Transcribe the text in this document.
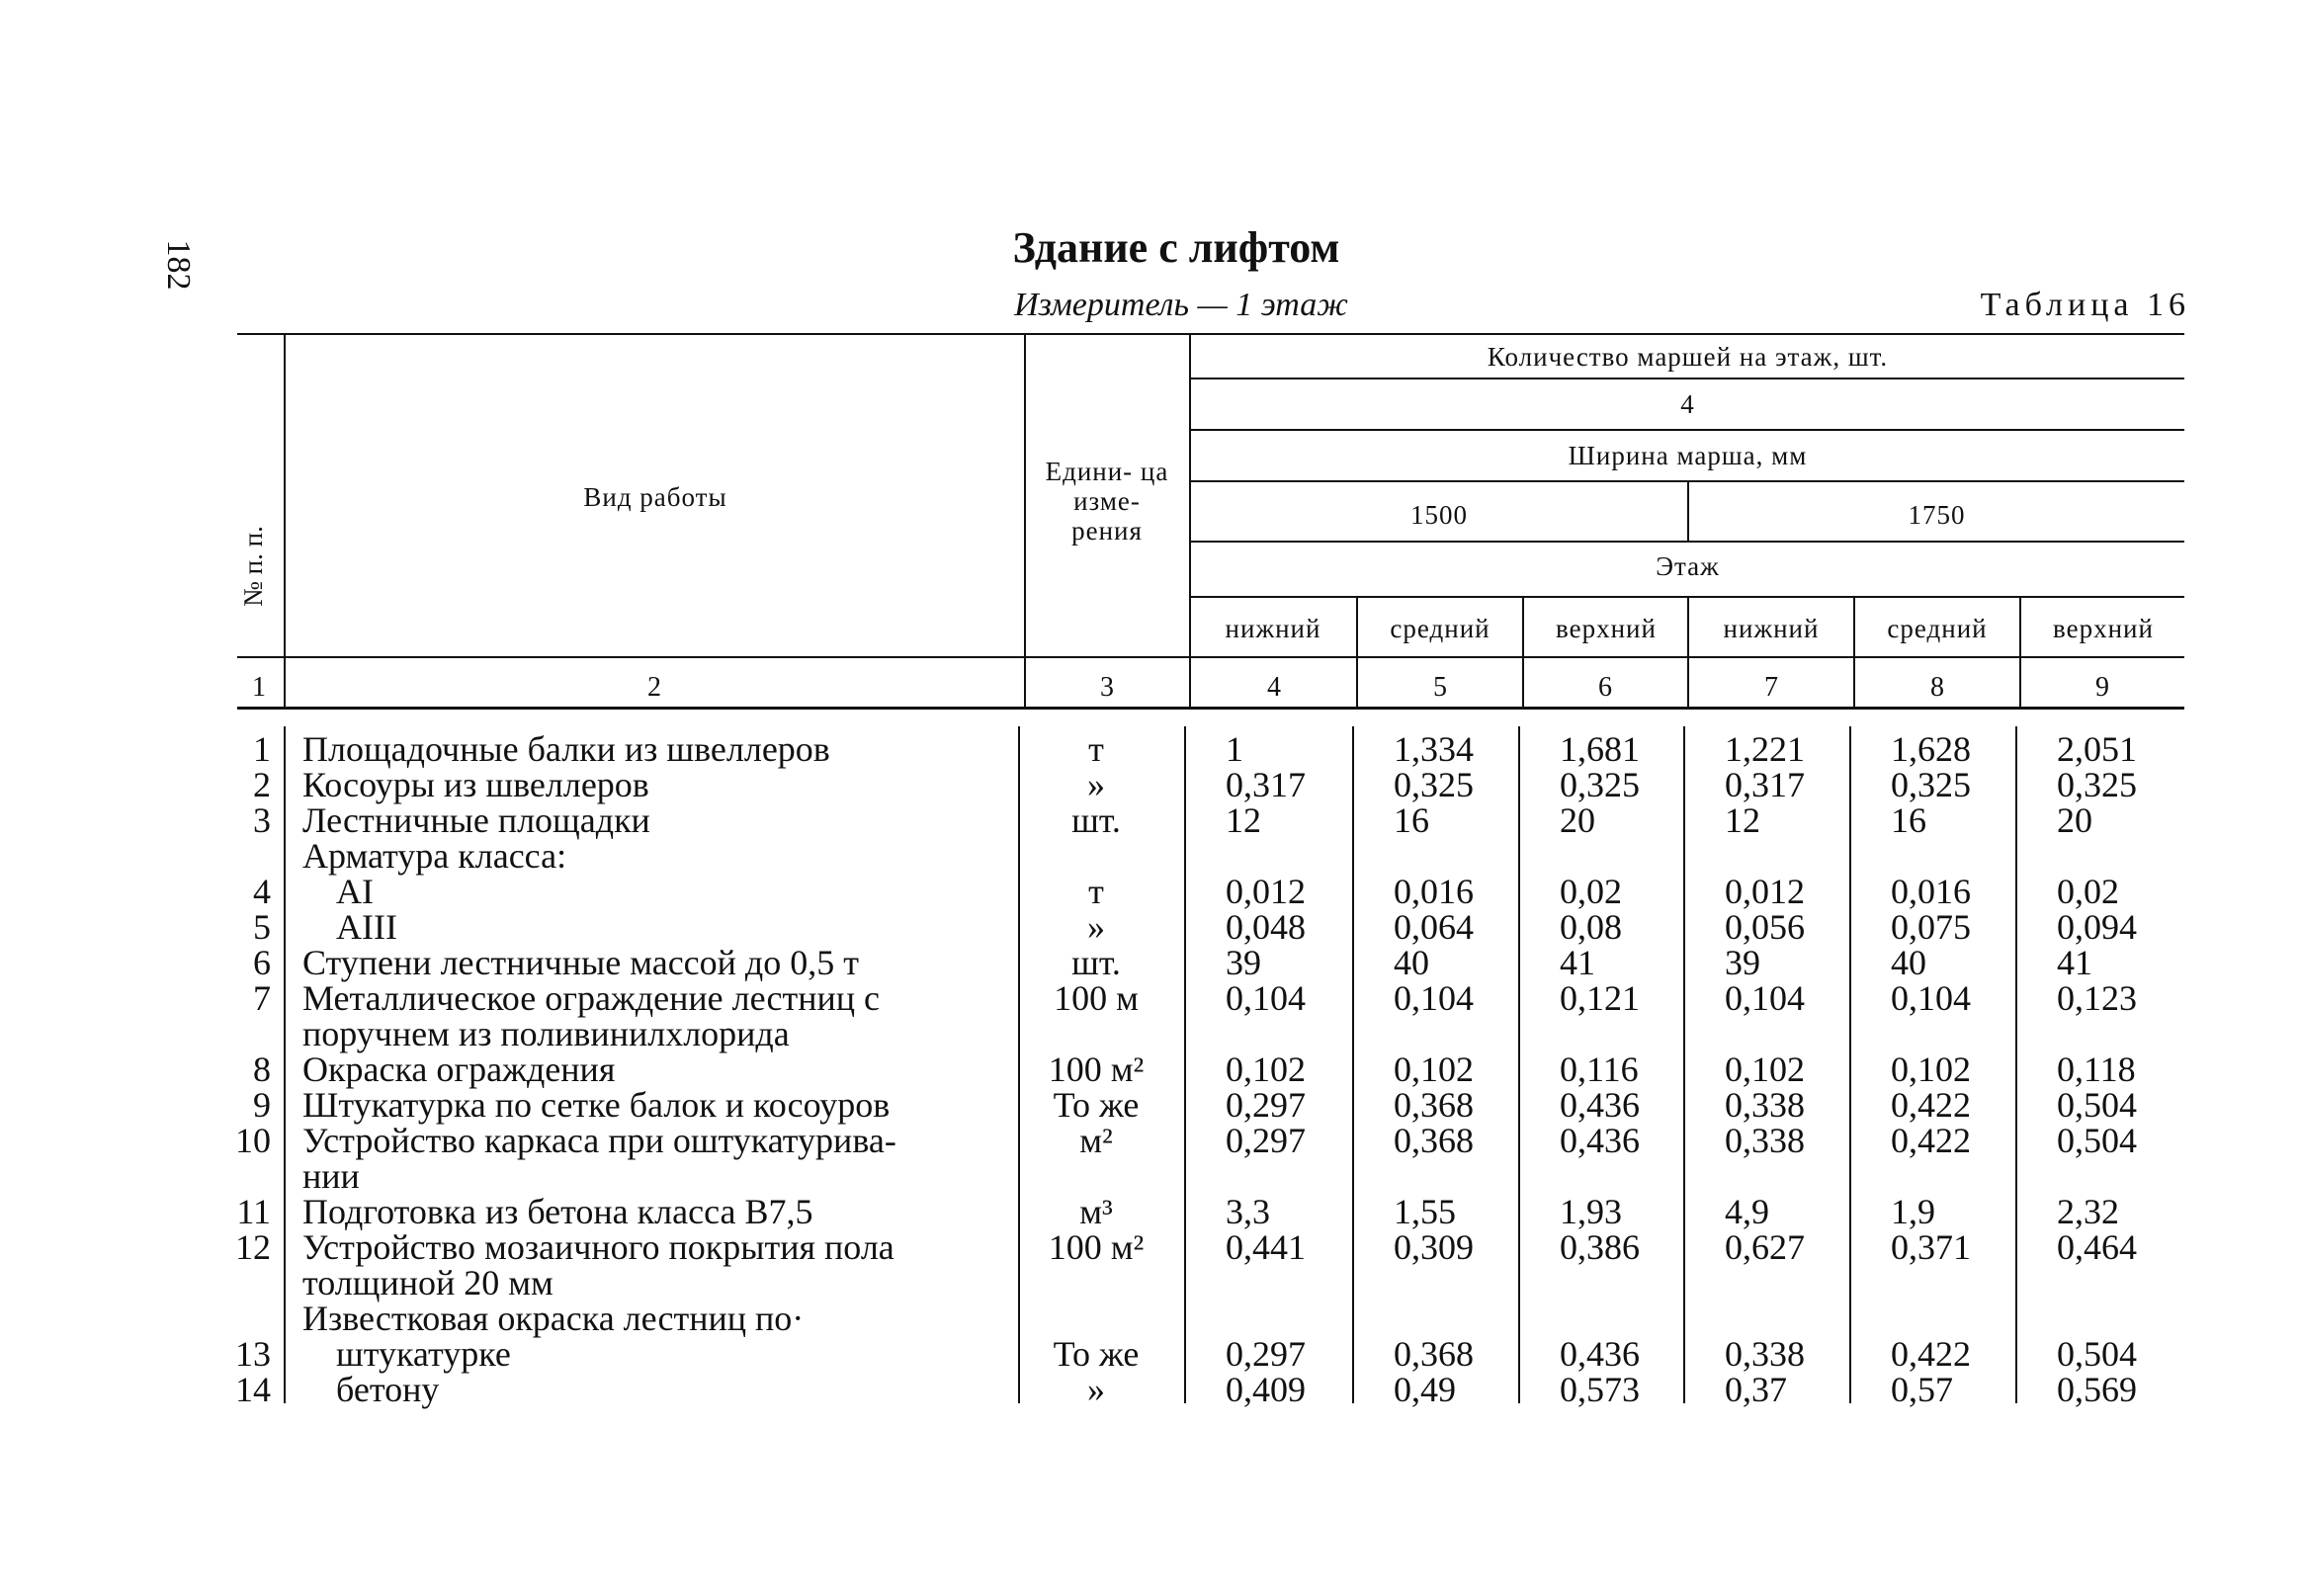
182	Здание с лифтом
Измеритель — 1 этаж	Таблица 16
№ п. п.
Вид работы
Едини- ца изме- рения
Количество маршей на этаж, шт.
4
Ширина марша, мм
1500	1750
Этаж
нижний	средний	верхний	нижний	средний	верхний
1	2	3	4	5	6	7	8	9
1 Площадочные балки из швеллеров	т	1	1,334 1,681 1,221 1,628 2,051
2 Косоуры из швеллеров	»	0,317 0,325 0,325 0,317 0,325 0,325
3 Лестничные площадки	шт.	12	16	20	12	16	20
Арматура класса:
4 AI	т	0,012 0,016 0,02	0,012 0,016 0,02
5 AIII	»	0,048 0,064 0,08	0,056 0,075 0,094
6 Ступени лестничные массой до 0,5 т	шт.	39	40	41	39	40	41
7 Металлическое ограждение лестниц с	100 м	0,104 0,104 0,121 0,104 0,104 0,123
поручнем из поливинилхлорида
8 Окраска ограждения	100 м²	0,102 0,102 0,116 0,102 0,102 0,118
9 Штукатурка по сетке балок и косоуров	То же	0,297 0,368 0,436 0,338 0,422 0,504
10 Устройство каркаса при оштукатурива-	м²	0,297 0,368 0,436 0,338 0,422 0,504
нии
11 Подготовка из бетона класса B7,5	м³	3,3	1,55	1,93	4,9	1,9	2,32
12 Устройство мозаичного покрытия пола	100 м²	0,441 0,309 0,386 0,627 0,371 0,464
толщиной 20 мм
Известковая окраска лестниц по·
13 штукатурке	То же	0,297 0,368 0,436 0,338 0,422 0,504
14 бетону	»	0,409 0,49	0,573 0,37	0,57	0,569
